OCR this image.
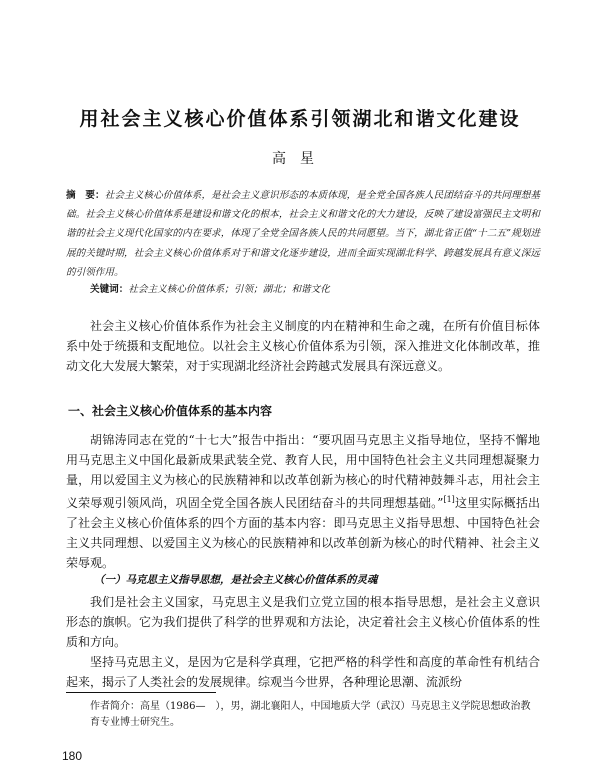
用社会主义核心价值体系引领湖北和谐文化建设
高星
摘　要：社会主义核心价值体系，是社会主义意识形态的本质体现，是全党全国各族人民团结奋斗的共同理想基础。社会主义核心价值体系是建设和谐文化的根本，社会主义和谐文化的大力建设，反映了建设富强民主文明和谐的社会主义现代化国家的内在要求，体现了全党全国各族人民的共同愿望。当下，湖北省正值“十二五”规划进展的关键时期，社会主义核心价值体系对于和谐文化逐步建设，进而全面实现湖北科学、跨越发展具有意义深远的引领作用。
关键词：社会主义核心价值体系；引领；湖北；和谐文化

社会主义核心价值体系作为社会主义制度的内在精神和生命之魂，在所有价值目标体系中处于统摄和支配地位。以社会主义核心价值体系为引领，深入推进文化体制改革，推动文化大发展大繁荣，对于实现湖北经济社会跨越式发展具有深远意义。

一、社会主义核心价值体系的基本内容

胡锦涛同志在党的“十七大”报告中指出：“要巩固马克思主义指导地位，坚持不懈地用马克思主义中国化最新成果武装全党、教育人民，用中国特色社会主义共同理想凝聚力量，用以爱国主义为核心的民族精神和以改革创新为核心的时代精神鼓舞斗志，用社会主义荣辱观引领风尚，巩固全党全国各族人民团结奋斗的共同理想基础。”[1]这里实际概括出了社会主义核心价值体系的四个方面的基本内容：即马克思主义指导思想、中国特色社会主义共同理想、以爱国主义为核心的民族精神和以改革创新为核心的时代精神、社会主义荣辱观。

（一）马克思主义指导思想，是社会主义核心价值体系的灵魂

我们是社会主义国家，马克思主义是我们立党立国的根本指导思想，是社会主义意识形态的旗帜。它为我们提供了科学的世界观和方法论，决定着社会主义核心价值体系的性质和方向。

坚持马克思主义，是因为它是科学真理，它把严格的科学性和高度的革命性有机结合起来，揭示了人类社会的发展规律。综观当今世界，各种理论思潮、流派纷

作者简介：高星（1986—　），男，湖北襄阳人，中国地质大学（武汉）马克思主义学院思想政治教育专业博士研究生。
180
